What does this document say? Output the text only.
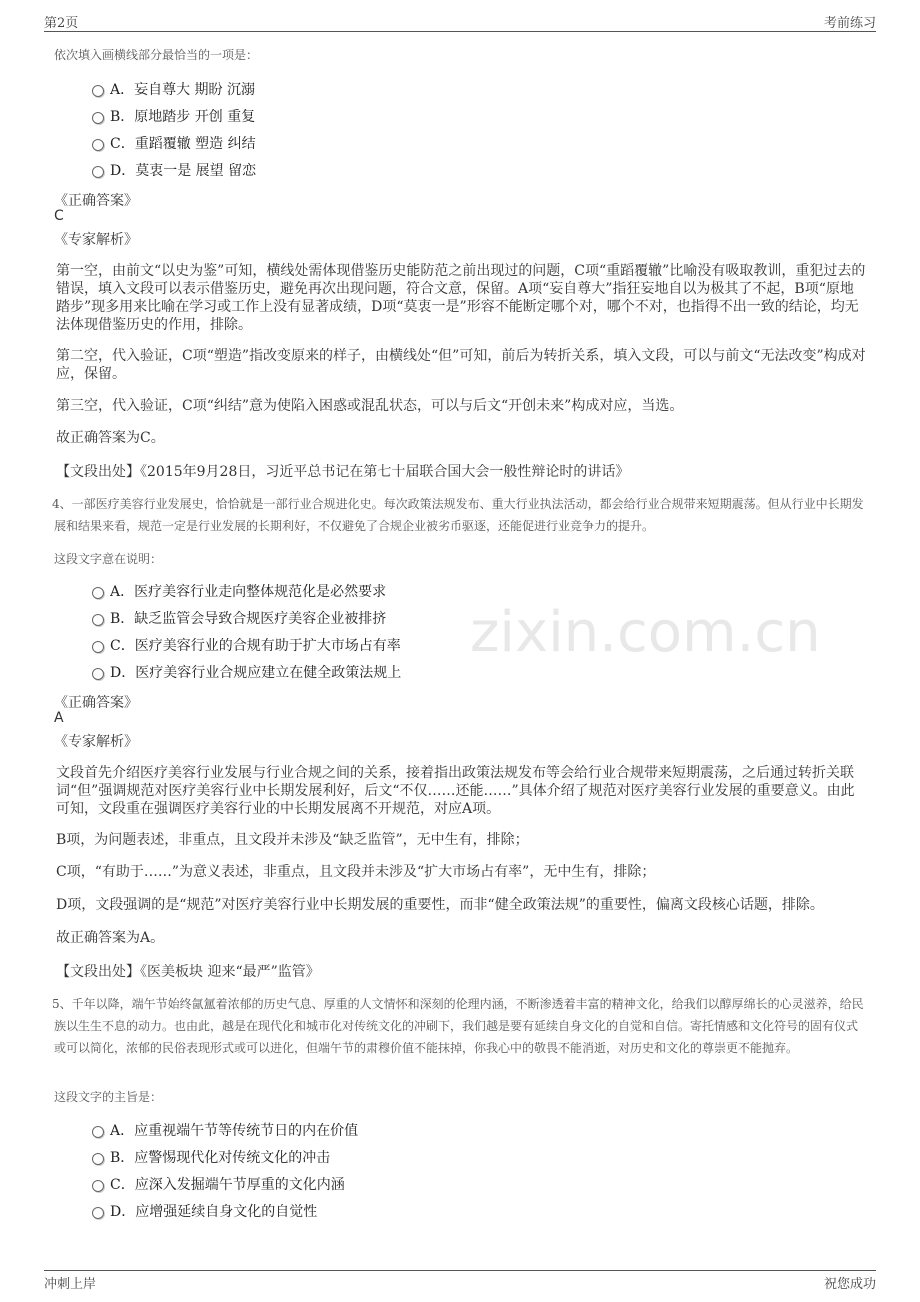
第2页	考前练习
zixin.com.cn
依次填入画横线部分最恰当的一项是：
A．妄自尊大 期盼 沉溺
B．原地踏步 开创 重复
C．重蹈覆辙 塑造 纠结
D．莫衷一是 展望 留恋
《正确答案》
C
《专家解析》
第一空，由前文“以史为鉴”可知，横线处需体现借鉴历史能防范之前出现过的问题，C项“重蹈覆辙”比喻没有吸取教训，重犯过去的错误，填入文段可以表示借鉴历史，避免再次出现问题，符合文意，保留。A项“妄自尊大”指狂妄地自以为极其了不起，B项“原地踏步”现多用来比喻在学习或工作上没有显著成绩，D项“莫衷一是”形容不能断定哪个对，哪个不对，也指得不出一致的结论，均无法体现借鉴历史的作用，排除。
第二空，代入验证，C项“塑造”指改变原来的样子，由横线处“但”可知，前后为转折关系，填入文段，可以与前文“无法改变”构成对应，保留。
第三空，代入验证，C项“纠结”意为使陷入困惑或混乱状态，可以与后文“开创未来”构成对应，当选。
故正确答案为C。
【文段出处】《2015年9月28日，习近平总书记在第七十届联合国大会一般性辩论时的讲话》
4、一部医疗美容行业发展史，恰恰就是一部行业合规进化史。每次政策法规发布、重大行业执法活动，都会给行业合规带来短期震荡。但从行业中长期发展和结果来看，规范一定是行业发展的长期利好，不仅避免了合规企业被劣币驱逐，还能促进行业竞争力的提升。
这段文字意在说明：
A．医疗美容行业走向整体规范化是必然要求
B．缺乏监管会导致合规医疗美容企业被排挤
C．医疗美容行业的合规有助于扩大市场占有率
D．医疗美容行业合规应建立在健全政策法规上
《正确答案》
A
《专家解析》
文段首先介绍医疗美容行业发展与行业合规之间的关系，接着指出政策法规发布等会给行业合规带来短期震荡，之后通过转折关联词“但”强调规范对医疗美容行业中长期发展利好，后文“不仅……还能……”具体介绍了规范对医疗美容行业发展的重要意义。由此可知，文段重在强调医疗美容行业的中长期发展离不开规范，对应A项。
B项，为问题表述，非重点，且文段并未涉及“缺乏监管”，无中生有，排除；
C项，“有助于……”为意义表述，非重点，且文段并未涉及“扩大市场占有率”，无中生有，排除；
D项，文段强调的是“规范”对医疗美容行业中长期发展的重要性，而非“健全政策法规”的重要性，偏离文段核心话题，排除。
故正确答案为A。
【文段出处】《医美板块 迎来“最严”监管》
5、千年以降，端午节始终氤氲着浓郁的历史气息、厚重的人文情怀和深刻的伦理内涵，不断渗透着丰富的精神文化，给我们以醇厚绵长的心灵滋养，给民族以生生不息的动力。也由此，越是在现代化和城市化对传统文化的冲刷下，我们越是要有延续自身文化的自觉和自信。寄托情感和文化符号的固有仪式或可以简化，浓郁的民俗表现形式或可以进化，但端午节的肃穆价值不能抹掉，你我心中的敬畏不能消逝，对历史和文化的尊崇更不能抛弃。
这段文字的主旨是：
A．应重视端午节等传统节日的内在价值
B．应警惕现代化对传统文化的冲击
C．应深入发掘端午节厚重的文化内涵
D．应增强延续自身文化的自觉性
冲刺上岸	祝您成功
